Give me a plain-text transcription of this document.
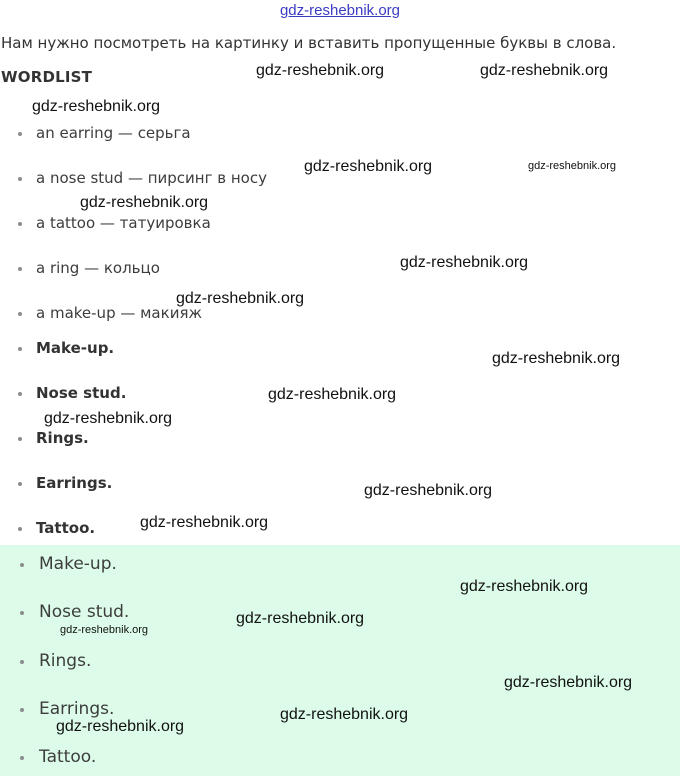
gdz-reshebnik.org
Нам нужно посмотреть на картинку и вставить пропущенные буквы в слова.
WORDLIST
an earring — серьга
a nose stud — пирсинг в носу
a tattoo — татуировка
a ring — кольцо
a make-up — макияж
Make-up.
Nose stud.
Rings.
Earrings.
Tattoo.
Make-up.
Nose stud.
Rings.
Earrings.
Tattoo.
gdz-reshebnik.org	gdz-reshebnik.org
gdz-reshebnik.org
gdz-reshebnik.org	gdz-reshebnik.org
gdz-reshebnik.org
gdz-reshebnik.org
gdz-reshebnik.org
gdz-reshebnik.org
gdz-reshebnik.org
gdz-reshebnik.org
gdz-reshebnik.org
gdz-reshebnik.org
gdz-reshebnik.org
gdz-reshebnik.org
gdz-reshebnik.org
gdz-reshebnik.org
gdz-reshebnik.org
gdz-reshebnik.org
